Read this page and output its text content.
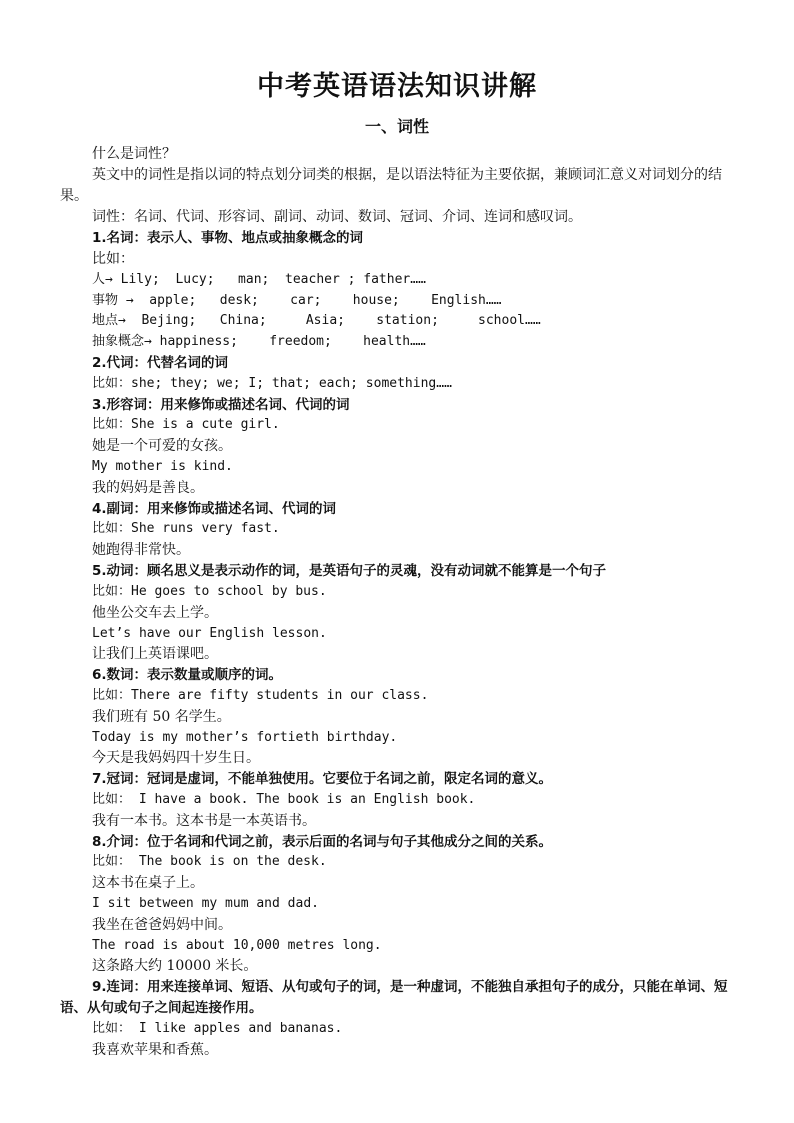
中考英语语法知识讲解
一、词性

什么是词性？

英文中的词性是指以词的特点划分词类的根据，是以语法特征为主要依据，兼顾词汇意义对词划分的结果。

词性：名词、代词、形容词、副词、动词、数词、冠词、介词、连词和感叹词。

1.名词：表示人、事物、地点或抽象概念的词

比如：

人→ Lily;  Lucy;   man;  teacher ; father……

事物 →  apple;   desk;    car;    house;    English……

地点→  Bejing;   China;     Asia;    station;     school……

抽象概念→ happiness;    freedom;    health……

2.代词：代替名词的词

比如：she; they; we; I; that; each; something……

3.形容词：用来修饰或描述名词、代词的词

比如：She is a cute girl.

她是一个可爱的女孩。

My mother is kind.

我的妈妈是善良。

4.副词：用来修饰或描述名词、代词的词

比如：She runs very fast.

她跑得非常快。

5.动词：顾名思义是表示动作的词，是英语句子的灵魂，没有动词就不能算是一个句子

比如：He goes to school by bus.

他坐公交车去上学。

Let’s have our English lesson.

让我们上英语课吧。

6.数词：表示数量或顺序的词。

比如：There are fifty students in our class.

我们班有 50 名学生。

Today is my mother’s fortieth birthday.

今天是我妈妈四十岁生日。

7.冠词：冠词是虚词，不能单独使用。它要位于名词之前，限定名词的意义。

比如： I have a book. The book is an English book.

我有一本书。这本书是一本英语书。

8.介词：位于名词和代词之前，表示后面的名词与句子其他成分之间的关系。

比如： The book is on the desk.

这本书在桌子上。

I sit between my mum and dad.

我坐在爸爸妈妈中间。

The road is about 10,000 metres long.

这条路大约 10000 米长。

9.连词：用来连接单词、短语、从句或句子的词，是一种虚词，不能独自承担句子的成分，只能在单词、短语、从句或句子之间起连接作用。

比如： I like apples and bananas.

我喜欢苹果和香蕉。
